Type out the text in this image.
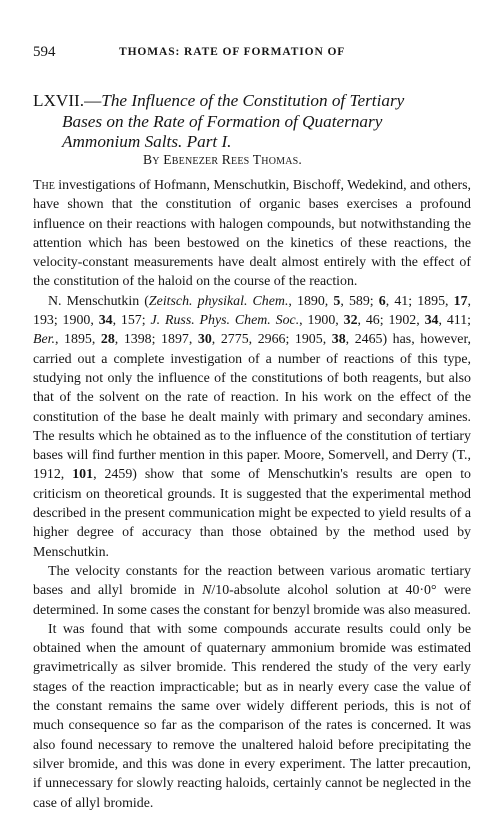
594	THOMAS: RATE OF FORMATION OF
LXVII.—The Influence of the Constitution of Tertiary
Bases on the Rate of Formation of Quaternary
Ammonium Salts. Part I.
By Ebenezer Rees Thomas.

The investigations of Hofmann, Menschutkin, Bischoff, Wedekind, and others, have shown that the constitution of organic bases exercises a profound influence on their reactions with halogen compounds, but notwithstanding the attention which has been bestowed on the kinetics of these reactions, the velocity-constant measurements have dealt almost entirely with the effect of the constitution of the haloid on the course of the reaction.

N. Menschutkin (Zeitsch. physikal. Chem., 1890, 5, 589; 6, 41; 1895, 17, 193; 1900, 34, 157; J. Russ. Phys. Chem. Soc., 1900, 32, 46; 1902, 34, 411; Ber., 1895, 28, 1398; 1897, 30, 2775, 2966; 1905, 38, 2465) has, however, carried out a complete investigation of a number of reactions of this type, studying not only the influence of the constitutions of both reagents, but also that of the solvent on the rate of reaction. In his work on the effect of the constitution of the base he dealt mainly with primary and secondary amines. The results which he obtained as to the influence of the constitution of tertiary bases will find further mention in this paper. Moore, Somervell, and Derry (T., 1912, 101, 2459) show that some of Menschutkin's results are open to criticism on theoretical grounds. It is suggested that the experimental method described in the present communication might be expected to yield results of a higher degree of accuracy than those obtained by the method used by Menschutkin.

The velocity constants for the reaction between various aromatic tertiary bases and allyl bromide in N/10-absolute alcohol solution at 40·0° were determined. In some cases the constant for benzyl bromide was also measured.

It was found that with some compounds accurate results could only be obtained when the amount of quaternary ammonium bromide was estimated gravimetrically as silver bromide. This rendered the study of the very early stages of the reaction impracticable; but as in nearly every case the value of the constant remains the same over widely different periods, this is not of much consequence so far as the comparison of the rates is concerned. It was also found necessary to remove the unaltered haloid before precipitating the silver bromide, and this was done in every experiment. The latter precaution, if unnecessary for slowly reacting haloids, certainly cannot be neglected in the case of allyl bromide.
